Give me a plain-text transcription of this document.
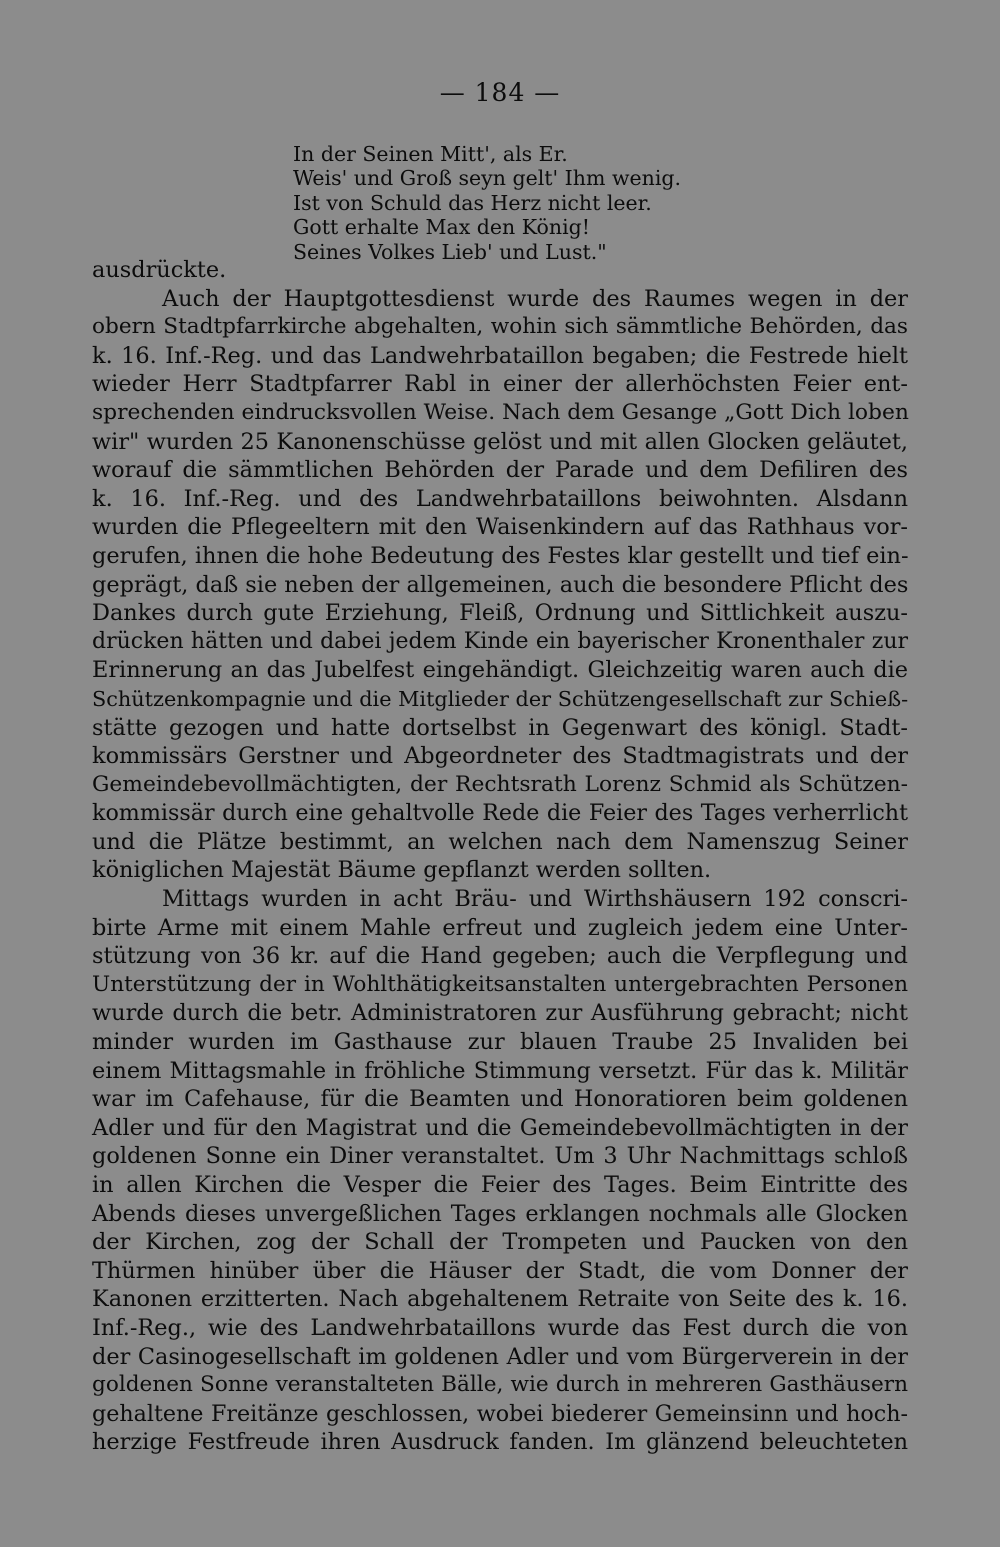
— 184 —
In der Seinen Mitt', als Er.
Weis' und Groß seyn gelt' Ihm wenig.
Ist von Schuld das Herz nicht leer.
Gott erhalte Max den König!
Seines Volkes Lieb' und Lust."
ausdrückte.
Auch der Hauptgottesdienst wurde des Raumes wegen in der
obern Stadtpfarrkirche abgehalten, wohin sich sämmtliche Behörden, das
k. 16. Inf.-Reg. und das Landwehrbataillon begaben; die Festrede hielt
wieder Herr Stadtpfarrer Rabl in einer der allerhöchsten Feier ent-
sprechenden eindrucksvollen Weise. Nach dem Gesange „Gott Dich loben
wir" wurden 25 Kanonenschüsse gelöst und mit allen Glocken geläutet,
worauf die sämmtlichen Behörden der Parade und dem Defiliren des
k. 16. Inf.-Reg. und des Landwehrbataillons beiwohnten. Alsdann
wurden die Pflegeeltern mit den Waisenkindern auf das Rathhaus vor-
gerufen, ihnen die hohe Bedeutung des Festes klar gestellt und tief ein-
geprägt, daß sie neben der allgemeinen, auch die besondere Pflicht des
Dankes durch gute Erziehung, Fleiß, Ordnung und Sittlichkeit auszu-
drücken hätten und dabei jedem Kinde ein bayerischer Kronenthaler zur
Erinnerung an das Jubelfest eingehändigt. Gleichzeitig waren auch die
Schützenkompagnie und die Mitglieder der Schützengesellschaft zur Schieß-
stätte gezogen und hatte dortselbst in Gegenwart des königl. Stadt-
kommissärs Gerstner und Abgeordneter des Stadtmagistrats und der
Gemeindebevollmächtigten, der Rechtsrath Lorenz Schmid als Schützen-
kommissär durch eine gehaltvolle Rede die Feier des Tages verherrlicht
und die Plätze bestimmt, an welchen nach dem Namenszug Seiner
königlichen Majestät Bäume gepflanzt werden sollten.
Mittags wurden in acht Bräu- und Wirthshäusern 192 conscri-
birte Arme mit einem Mahle erfreut und zugleich jedem eine Unter-
stützung von 36 kr. auf die Hand gegeben; auch die Verpflegung und
Unterstützung der in Wohlthätigkeitsanstalten untergebrachten Personen
wurde durch die betr. Administratoren zur Ausführung gebracht; nicht
minder wurden im Gasthause zur blauen Traube 25 Invaliden bei
einem Mittagsmahle in fröhliche Stimmung versetzt. Für das k. Militär
war im Cafehause, für die Beamten und Honoratioren beim goldenen
Adler und für den Magistrat und die Gemeindebevollmächtigten in der
goldenen Sonne ein Diner veranstaltet. Um 3 Uhr Nachmittags schloß
in allen Kirchen die Vesper die Feier des Tages. Beim Eintritte des
Abends dieses unvergeßlichen Tages erklangen nochmals alle Glocken
der Kirchen, zog der Schall der Trompeten und Paucken von den
Thürmen hinüber über die Häuser der Stadt, die vom Donner der
Kanonen erzitterten. Nach abgehaltenem Retraite von Seite des k. 16.
Inf.-Reg., wie des Landwehrbataillons wurde das Fest durch die von
der Casinogesellschaft im goldenen Adler und vom Bürgerverein in der
goldenen Sonne veranstalteten Bälle, wie durch in mehreren Gasthäusern
gehaltene Freitänze geschlossen, wobei biederer Gemeinsinn und hoch-
herzige Festfreude ihren Ausdruck fanden. Im glänzend beleuchteten
